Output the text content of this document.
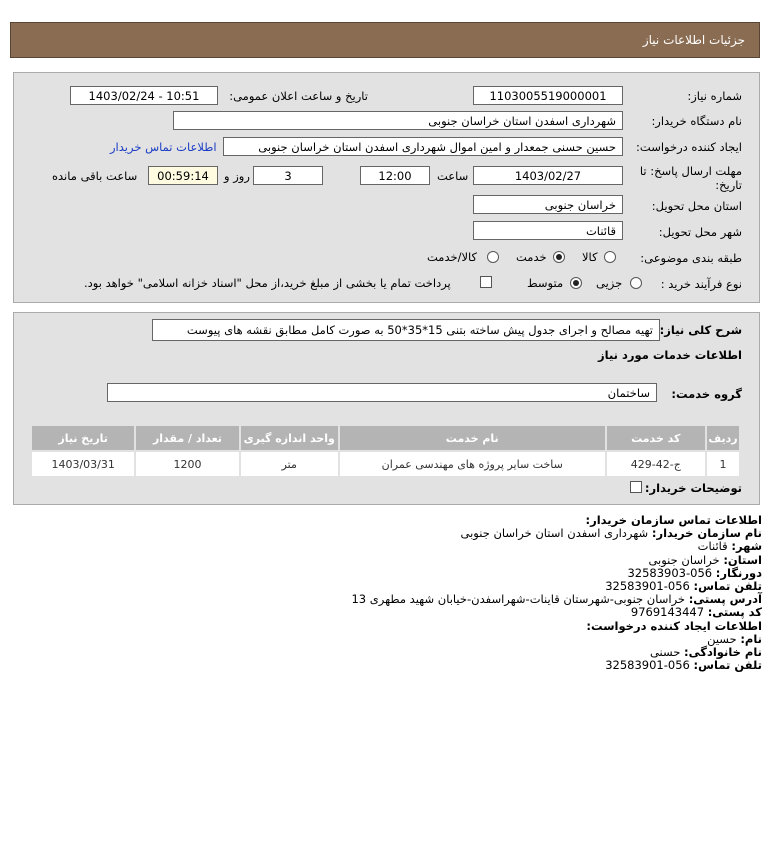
جزئیات اطلاعات نیاز
شماره نیاز:
1103005519000001
تاریخ و ساعت اعلان عمومی:
1403/02/24 - 10:51
نام دستگاه خریدار:
شهرداری اسفدن استان خراسان جنوبی
ایجاد کننده درخواست:
حسین حسنی جمعدار و امین اموال شهرداری اسفدن استان خراسان جنوبی
اطلاعات تماس خریدار
مهلت ارسال پاسخ: تا
تاریخ:
1403/02/27
ساعت
12:00
3
روز و
00:59:14
ساعت باقی مانده
استان محل تحویل:
خراسان جنوبی
شهر محل تحویل:
قائنات
طبقه بندی موضوعی:
کالا
خدمت
کالا/خدمت
نوع فرآیند خرید :
جزیی
متوسط
پرداخت تمام یا بخشی از مبلغ خرید،از محل "اسناد خزانه اسلامی" خواهد بود.
شرح کلی نیاز:
تهیه مصالح و اجرای جدول پیش ساخته بتنی 15*35*50 به صورت کامل مطابق نقشه های پیوست
اطلاعات خدمات مورد نیاز
گروه خدمت:
ساختمان
ردیف	کد خدمت	نام خدمت	واحد اندازه گیری	تعداد / مقدار	تاریخ نیاز
1	ج-42-429	ساخت سایر پروژه های مهندسی عمران	متر	1200	1403/03/31
توضیحات خریدار:
اطلاعات تماس سازمان خریدار:
نام سازمان خریدار: شهرداری اسفدن استان خراسان جنوبی
شهر: قائنات
استان: خراسان جنوبی
دورنگار: 056-32583903
تلفن تماس: 056-32583901
آدرس پستی: خراسان جنوبی-شهرستان قاینات-شهراسفدن-خیابان شهید مطهری 13
کد پستی: 9769143447
اطلاعات ایجاد کننده درخواست:
نام: حسین
نام خانوادگی: حسنی
تلفن تماس: 056-32583901
